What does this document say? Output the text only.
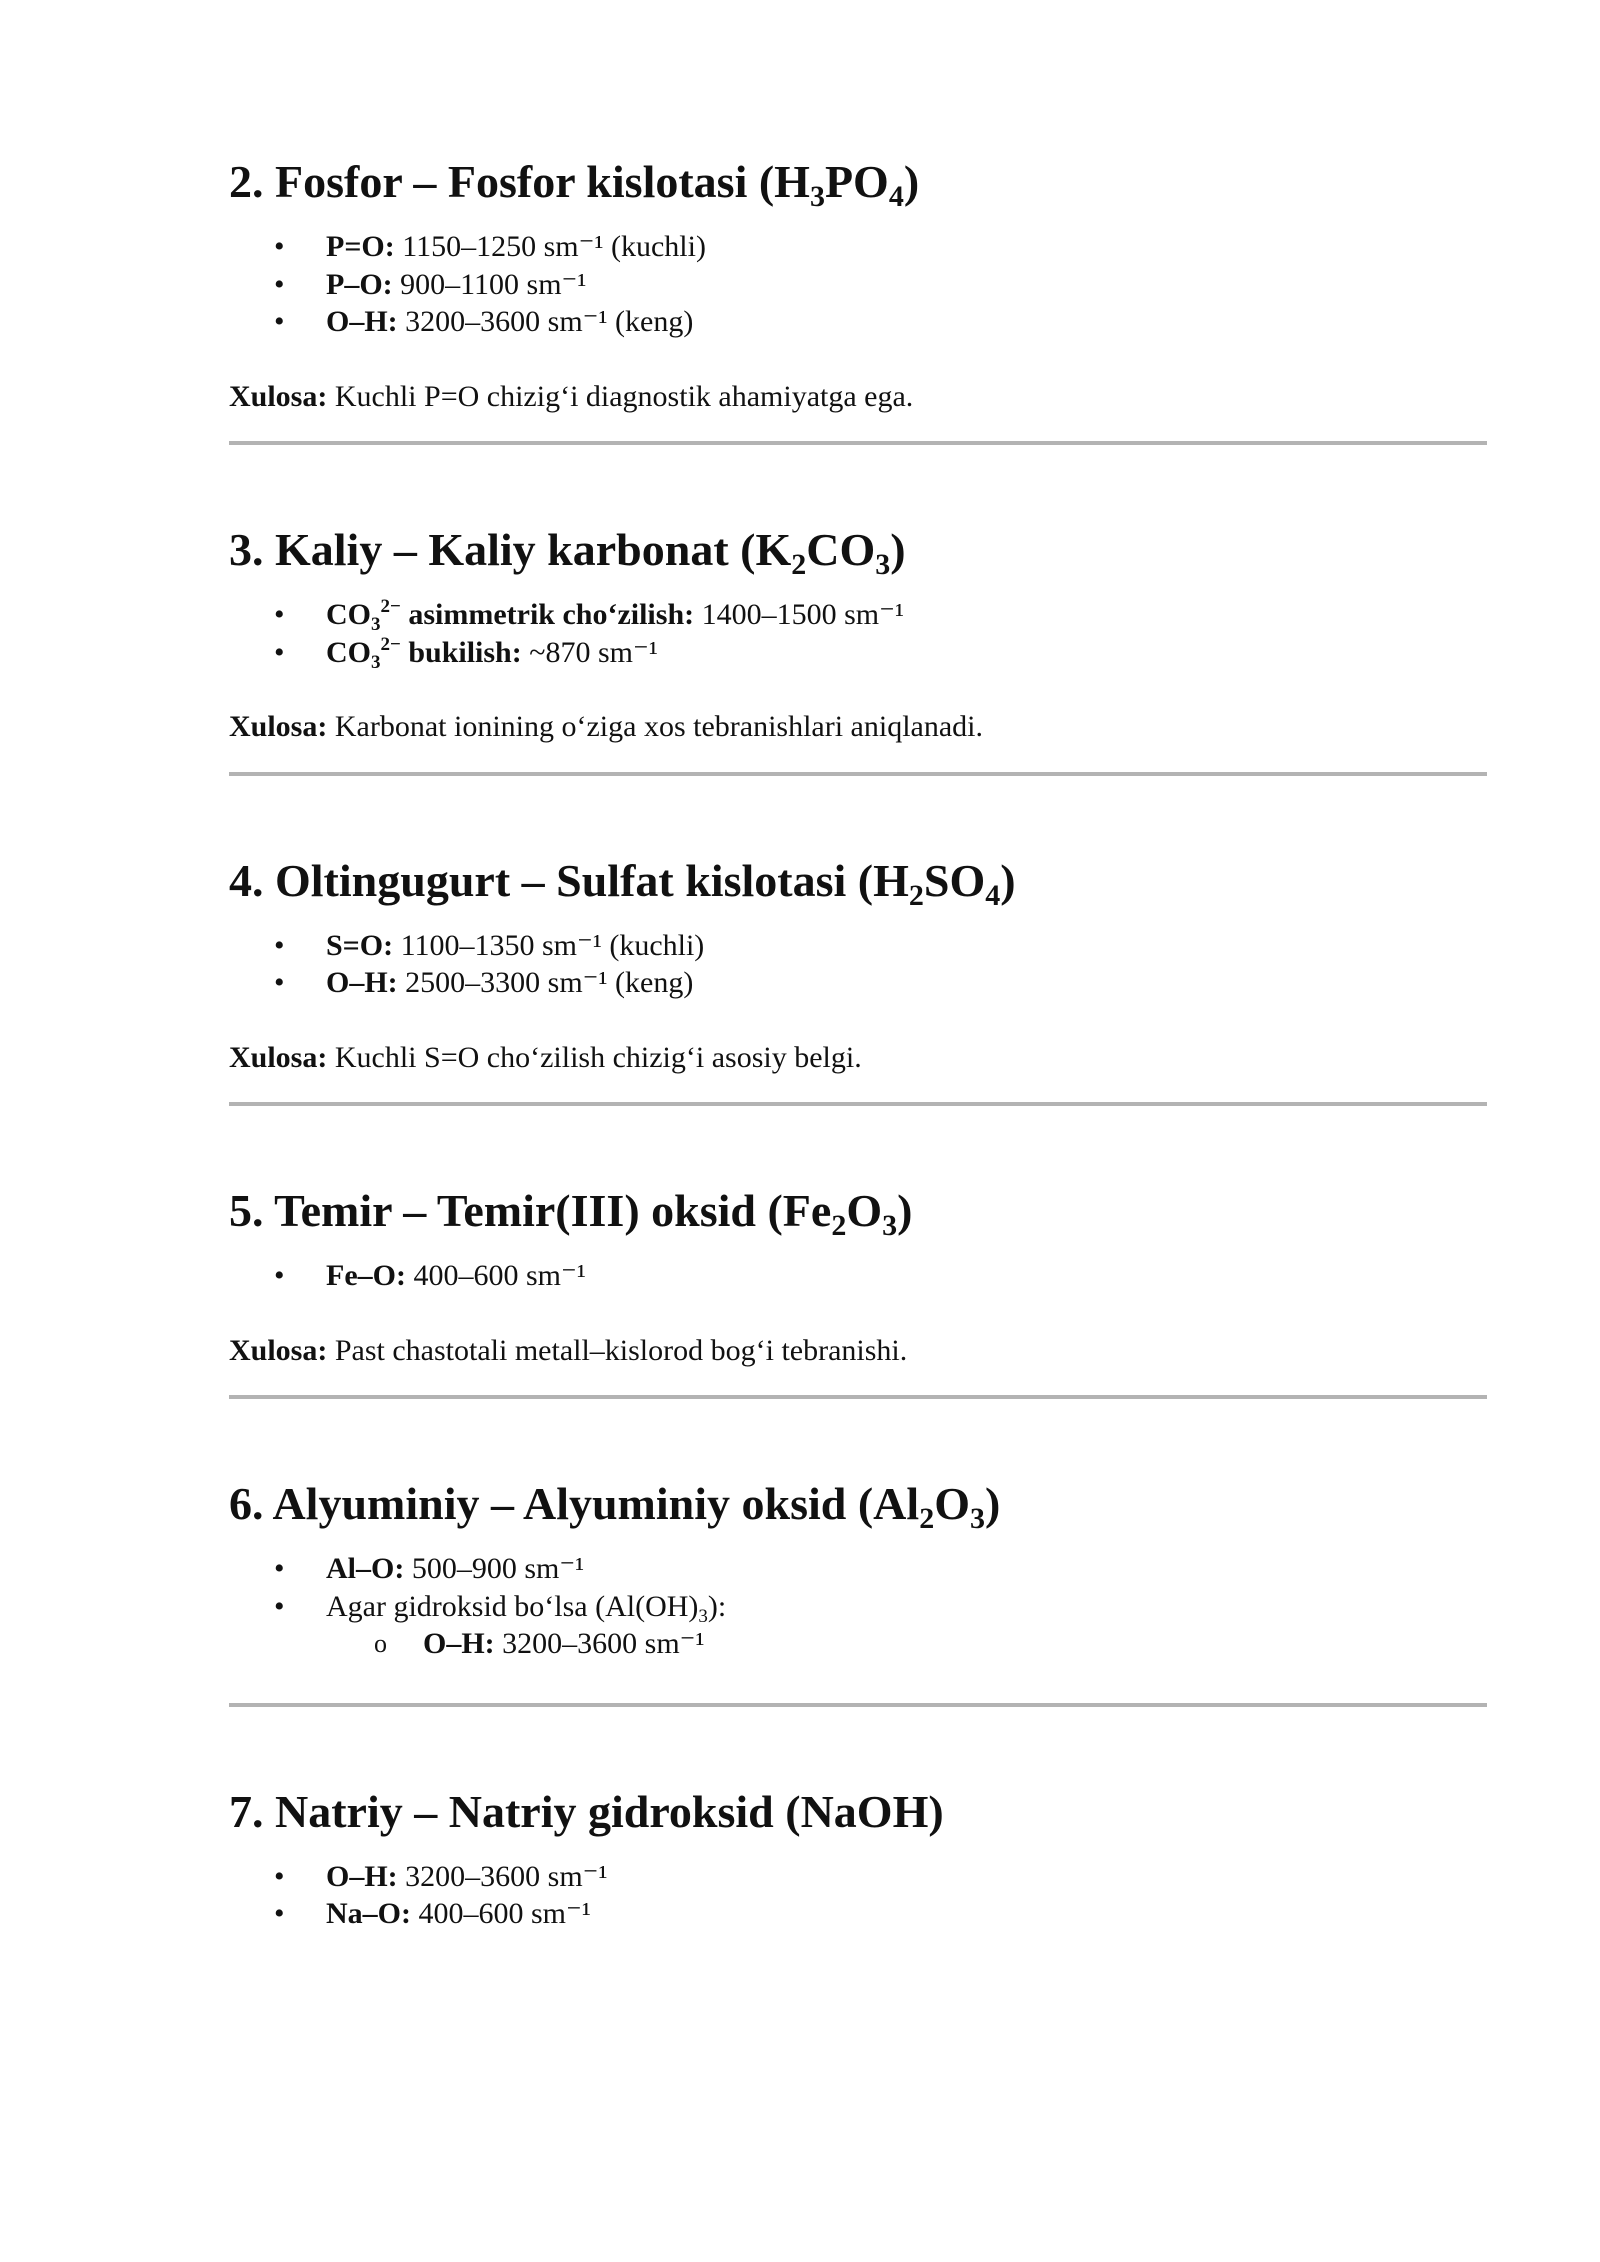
2. Fosfor – Fosfor kislotasi $(H_3PO_4)$
• P=O: 1150–1250 sm⁻¹ (kuchli)
• P–O: 900–1100 sm⁻¹
• O–H: 3200–3600 sm⁻¹ (keng)

Xulosa: Kuchli P=O chizig‘i diagnostik ahamiyatga ega.

3. Kaliy – Kaliy karbonat $(K_2CO_3)$
• $CO_3^{2-}$ asimmetrik cho‘zilish: 1400–1500 sm⁻¹
• $CO_3^{2-}$ bukilish: ~870 sm⁻¹

Xulosa: Karbonat ionining o‘ziga xos tebranishlari aniqlanadi.

4. Oltingugurt – Sulfat kislotasi $(H_2SO_4)$
• S=O: 1100–1350 sm⁻¹ (kuchli)
• O–H: 2500–3300 sm⁻¹ (keng)

Xulosa: Kuchli S=O cho‘zilish chizig‘i asosiy belgi.

5. Temir – Temir(III) oksid $(Fe_2O_3)$
• Fe–O: 400–600 sm⁻¹

Xulosa: Past chastotali metall–kislorod bog‘i tebranishi.

6. Alyuminiy – Alyuminiy oksid $(Al_2O_3)$
• Al–O: 500–900 sm⁻¹
• Agar gidroksid bo‘lsa $(Al(OH)_3)$:
o O–H: 3200–3600 sm⁻¹
7. Natriy – Natriy gidroksid (NaOH)
• O–H: 3200–3600 sm⁻¹
• Na–O: 400–600 sm⁻¹
